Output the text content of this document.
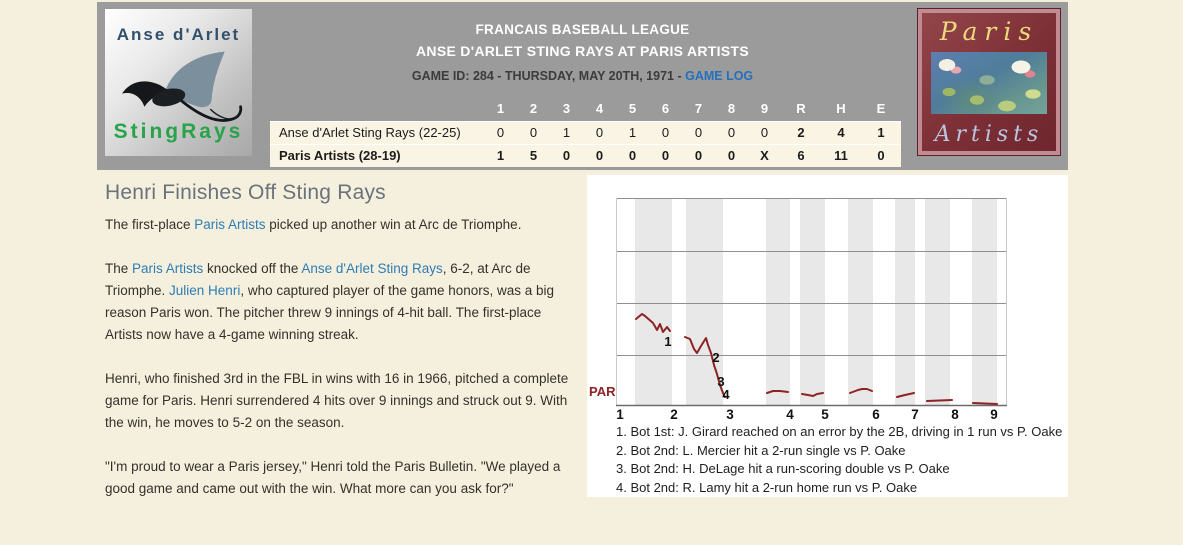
Anse d'Arlet
StingRays
FRANCAIS BASEBALL LEAGUE
ANSE D'ARLET STING RAYS AT PARIS ARTISTS
GAME ID: 284 - THURSDAY, MAY 20TH, 1971 - GAME LOG
Paris
Artists
1	2	3	4	5	6	7	8	9	R	H	E
Anse d'Arlet Sting Rays (22-25)	0	0	1	0	1	0	0	0	0	2	4	1
Paris Artists (28-19)	1	5	0	0	0	0	0	0	X	6	11	0
Henri Finishes Off Sting Rays

The first-place Paris Artists picked up another win at Arc de Triomphe.

The Paris Artists knocked off the Anse d'Arlet Sting Rays, 6-2, at Arc de Triomphe. Julien Henri, who captured player of the game honors, was a big reason Paris won. The pitcher threw 9 innings of 4-hit ball. The first-place Artists now have a 4-game winning streak.

Henri, who finished 3rd in the FBL in wins with 16 in 1966, pitched a complete game for Paris. Henri surrendered 4 hits over 9 innings and struck out 9. With the win, he moves to 5-2 on the season.

"I'm proud to wear a Paris jersey," Henri told the Paris Bulletin. "We played a good game and came out with the win. What more can you ask for?"

PAR
1
2
3
4
1	2	3	4 5	6 7 8 9
1. Bot 1st: J. Girard reached on an error by the 2B, driving in 1 run vs P. Oake
2. Bot 2nd: L. Mercier hit a 2-run single vs P. Oake
3. Bot 2nd: H. DeLage hit a run-scoring double vs P. Oake
4. Bot 2nd: R. Lamy hit a 2-run home run vs P. Oake
